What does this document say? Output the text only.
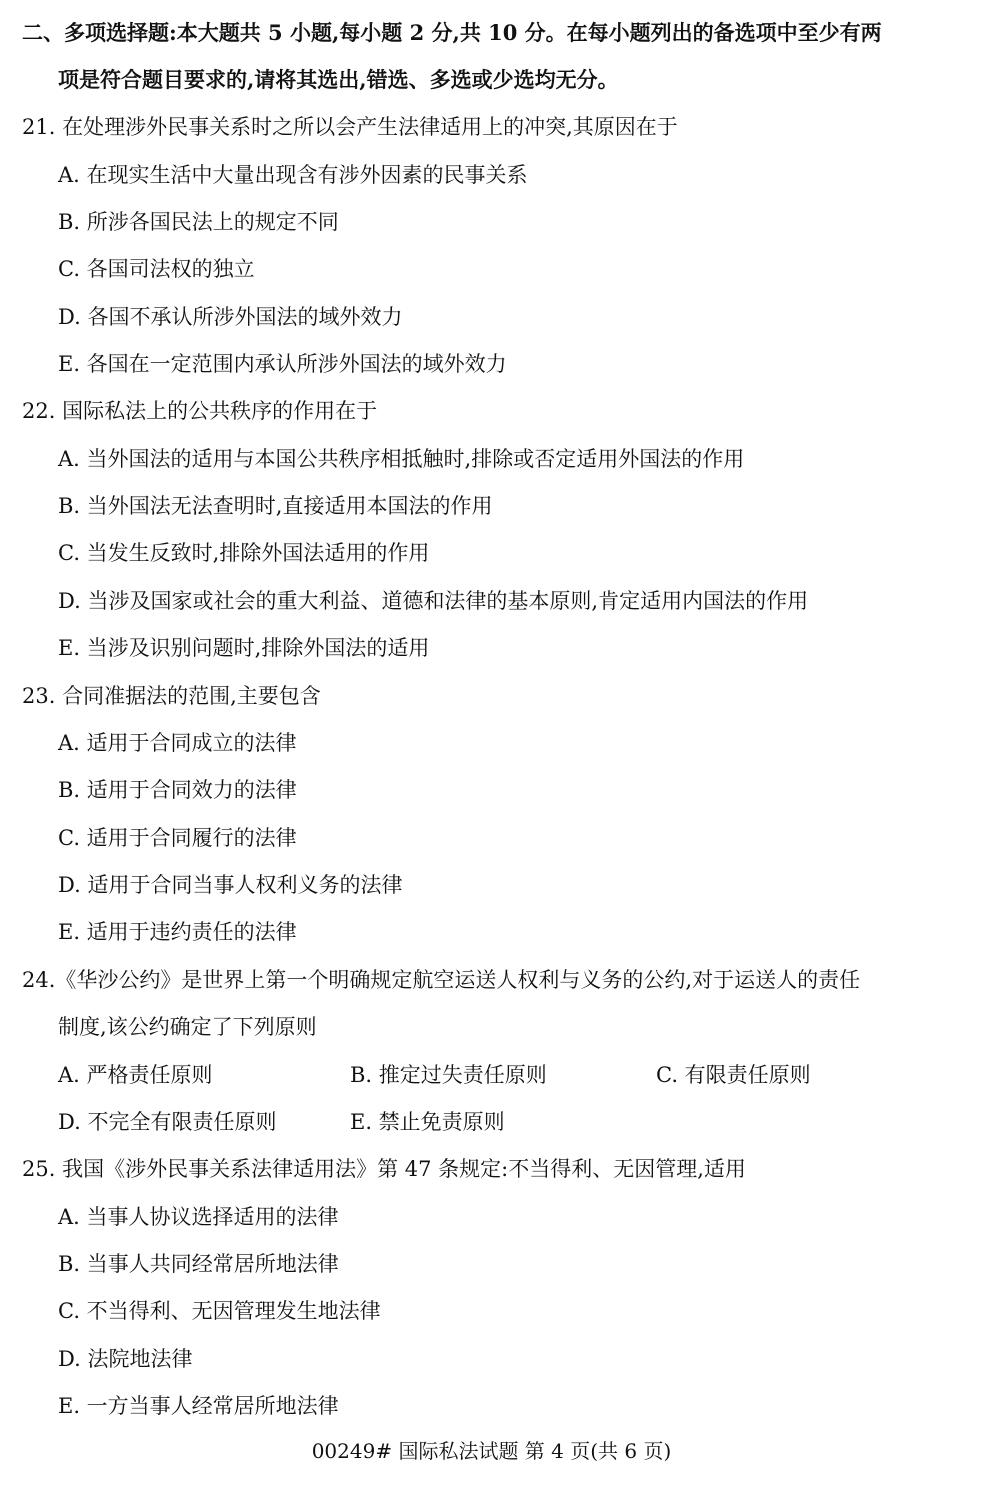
二、多项选择题:本大题共 5 小题,每小题 2 分,共 10 分。在每小题列出的备选项中至少有两
项是符合题目要求的,请将其选出,错选、多选或少选均无分。
21. 在处理涉外民事关系时之所以会产生法律适用上的冲突,其原因在于
A. 在现实生活中大量出现含有涉外因素的民事关系
B. 所涉各国民法上的规定不同
C. 各国司法权的独立
D. 各国不承认所涉外国法的域外效力
E. 各国在一定范围内承认所涉外国法的域外效力
22. 国际私法上的公共秩序的作用在于
A. 当外国法的适用与本国公共秩序相抵触时,排除或否定适用外国法的作用
B. 当外国法无法查明时,直接适用本国法的作用
C. 当发生反致时,排除外国法适用的作用
D. 当涉及国家或社会的重大利益、道德和法律的基本原则,肯定适用内国法的作用
E. 当涉及识别问题时,排除外国法的适用
23. 合同准据法的范围,主要包含
A. 适用于合同成立的法律
B. 适用于合同效力的法律
C. 适用于合同履行的法律
D. 适用于合同当事人权利义务的法律
E. 适用于违约责任的法律
24.《华沙公约》是世界上第一个明确规定航空运送人权利与义务的公约,对于运送人的责任
制度,该公约确定了下列原则
A. 严格责任原则	B. 推定过失责任原则	C. 有限责任原则
D. 不完全有限责任原则	E. 禁止免责原则
25. 我国《涉外民事关系法律适用法》第 47 条规定:不当得利、无因管理,适用
A. 当事人协议选择适用的法律
B. 当事人共同经常居所地法律
C. 不当得利、无因管理发生地法律
D. 法院地法律
E. 一方当事人经常居所地法律
00249# 国际私法试题 第 4 页(共 6 页)
